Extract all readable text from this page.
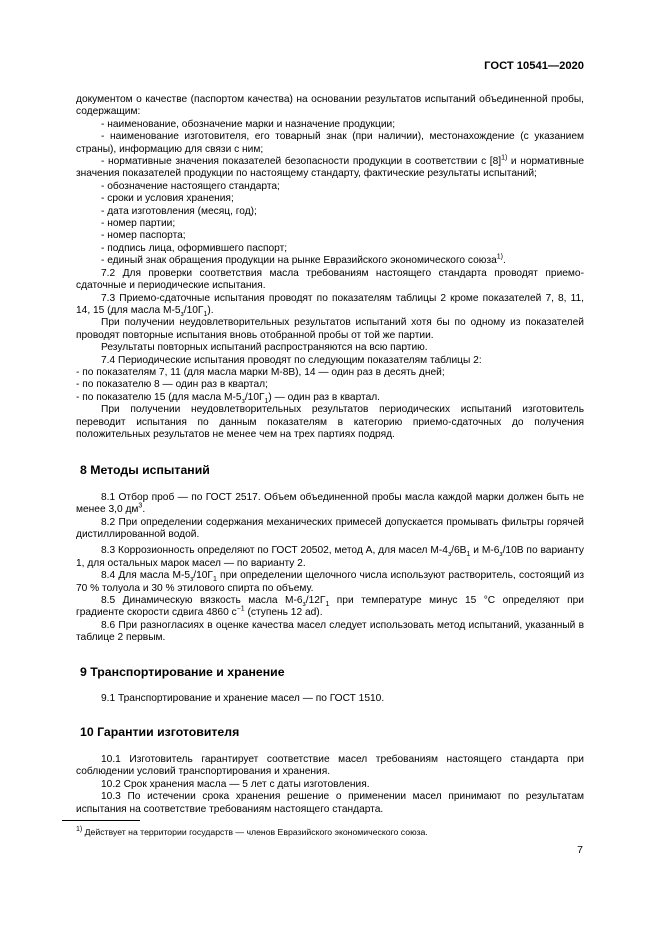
ГОСТ 10541—2020

документом о качестве (паспортом качества) на основании результатов испытаний объединенной пробы, содержащим:

- наименование, обозначение марки и назначение продукции;

- наименование изготовителя, его товарный знак (при наличии), местонахождение (с указанием страны), информацию для связи с ним;

- нормативные значения показателей безопасности продукции в соответствии с $[8]^{1)}$ и нормативные значения показателей продукции по настоящему стандарту, фактические результаты испытаний;

- обозначение настоящего стандарта;

- сроки и условия хранения;

- дата изготовления (месяц, год);

- номер партии;

- номер паспорта;

- подпись лица, оформившего паспорт;

- единый знак обращения продукции на рынке Евразийского экономического союза$^{1)}$.

7.2 Для проверки соответствия масла требованиям настоящего стандарта проводят приемо-сдаточные и периодические испытания.

7.3 Приемо-сдаточные испытания проводят по показателям таблицы 2 кроме показателей 7, 8, 11, 14, 15 (для масла $М-5_з/10Г_1$).

При получении неудовлетворительных результатов испытаний хотя бы по одному из показателей проводят повторные испытания вновь отобранной пробы от той же партии.

Результаты повторных испытаний распространяются на всю партию.

7.4 Периодические испытания проводят по следующим показателям таблицы 2:

- по показателям 7, 11 (для масла марки М-8В), 14 — один раз в десять дней;

- по показателю 8 — один раз в квартал;

- по показателю 15 (для масла $М-5_з/10Г_1$) — один раз в квартал.

При получении неудовлетворительных результатов периодических испытаний изготовитель переводит испытания по данным показателям в категорию приемо-сдаточных до получения положительных результатов не менее чем на трех партиях подряд.

8 Методы испытаний

8.1 Отбор проб — по ГОСТ 2517. Объем объединенной пробы масла каждой марки должен быть не менее 3,0 $дм^3$.

8.2 При определении содержания механических примесей допускается промывать фильтры горячей дистиллированной водой.

8.3 Коррозионность определяют по ГОСТ 20502, метод А, для масел $М-4_з/6В_1$ и $М-6_з/10В$ по варианту 1, для остальных марок масел — по варианту 2.

8.4 Для масла $М-5_з/10Г_1$ при определении щелочного числа используют растворитель, состоящий из 70 % толуола и 30 % этилового спирта по объему.

8.5 Динамическую вязкость масла $М-6_з/12Г_1$ при температуре минус 15 °С определяют при градиенте скорости сдвига 4860 $с^{-1}$ (ступень 12 аd).

8.6 При разногласиях в оценке качества масел следует использовать метод испытаний, указанный в таблице 2 первым.

9 Транспортирование и хранение

9.1 Транспортирование и хранение масел — по ГОСТ 1510.

10 Гарантии изготовителя

10.1 Изготовитель гарантирует соответствие масел требованиям настоящего стандарта при соблюдении условий транспортирования и хранения.

10.2 Срок хранения масла — 5 лет с даты изготовления.

10.3 По истечении срока хранения решение о применении масел принимают по результатам испытания на соответствие требованиям настоящего стандарта.

$^{1)}$ Действует на территории государств — членов Евразийского экономического союза.
7
